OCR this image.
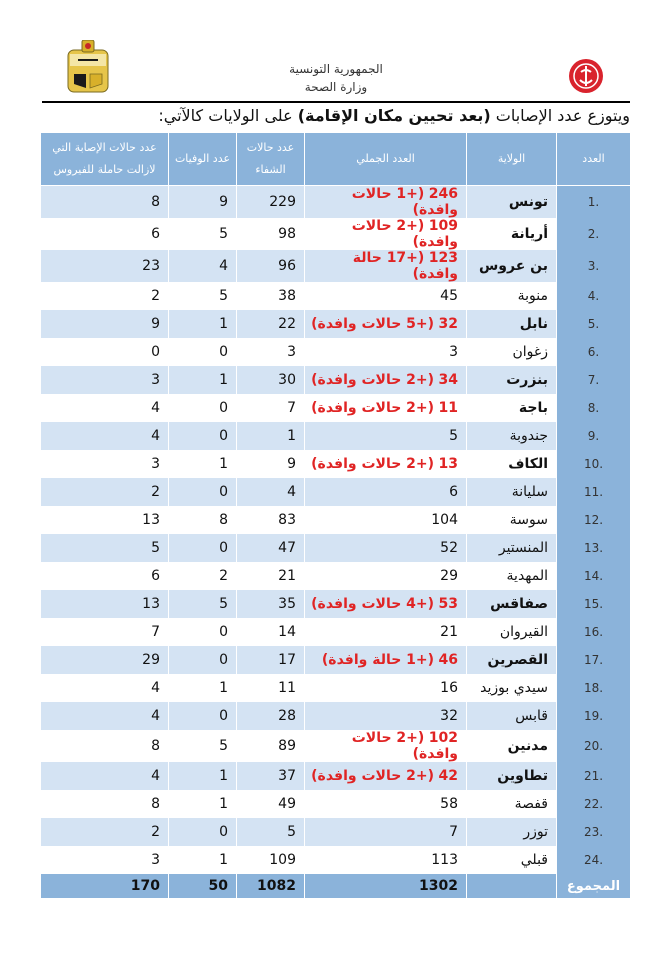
الجمهورية التونسية
وزارة الصحة
ويتوزع عدد الإصابات (بعد تحيين مكان الإقامة) على الولايات كالآتي:
عدد حالات الإصابة التي لازالت حاملة للفيروس	عدد الوفيات	عدد حالات الشفاء	العدد الجملي	الولاية	العدد
8	9	229	246 (+1 حالات وافدة)	تونس	1.
6	5	98	109 (+2 حالات وافدة)	أريانة	2.
23	4	96	123 (+17 حالة وافدة)	بن عروس	3.
2	5	38	45	منوبة	4.
9	1	22	32 (+5 حالات وافدة)	نابل	5.
0	0	3	3	زغوان	6.
3	1	30	34 (+2 حالات وافدة)	بنزرت	7.
4	0	7	11 (+2 حالات وافدة)	باجة	8.
4	0	1	5	جندوبة	9.
3	1	9	13 (+2 حالات وافدة)	الكاف	10.
2	0	4	6	سليانة	11.
13	8	83	104	سوسة	12.
5	0	47	52	المنستير	13.
6	2	21	29	المهدية	14.
13	5	35	53 (+4 حالات وافدة)	صفاقس	15.
7	0	14	21	القيروان	16.
29	0	17	46 (+1 حالة وافدة)	القصرين	17.
4	1	11	16	سيدي بوزيد	18.
4	0	28	32	قابس	19.
8	5	89	102 (+2 حالات وافدة)	مدنين	20.
4	1	37	42 (+2 حالات وافدة)	تطاوين	21.
8	1	49	58	قفصة	22.
2	0	5	7	توزر	23.
3	1	109	113	قبلي	24.
170	50	1082	1302		المجموع
